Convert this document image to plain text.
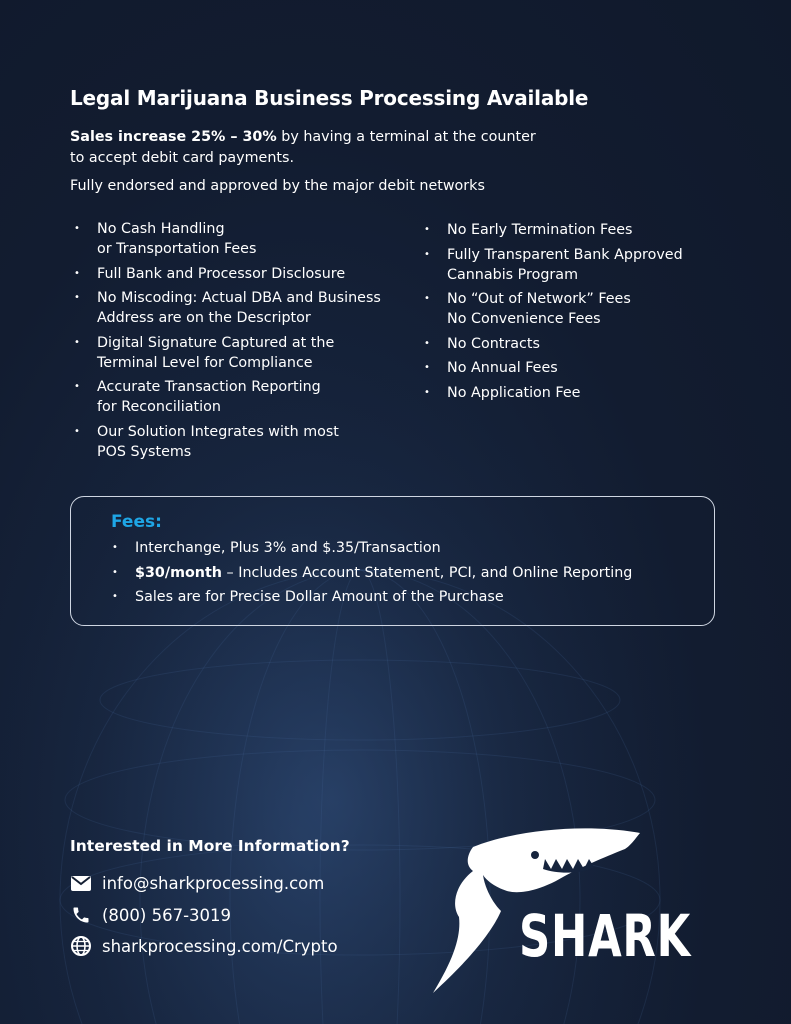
Legal Marijuana Business Processing Available
Sales increase 25% – 30% by having a terminal at the counter
to accept debit card payments.
Fully endorsed and approved by the major debit networks
• No Cash Handling
or Transportation Fees
• Full Bank and Processor Disclosure
• No Miscoding: Actual DBA and Business
Address are on the Descriptor
• Digital Signature Captured at the
Terminal Level for Compliance
• Accurate Transaction Reporting
for Reconciliation
• Our Solution Integrates with most
POS Systems
• No Early Termination Fees
• Fully Transparent Bank Approved
Cannabis Program
• No “Out of Network” Fees
No Convenience Fees
• No Contracts
• No Annual Fees
• No Application Fee
Fees:
• Interchange, Plus 3% and $.35/Transaction
• $30/month – Includes Account Statement, PCI, and Online Reporting
• Sales are for Precise Dollar Amount of the Purchase
Interested in More Information?
info@sharkprocessing.com
(800) 567-3019
sharkprocessing.com/Crypto	SHARK
